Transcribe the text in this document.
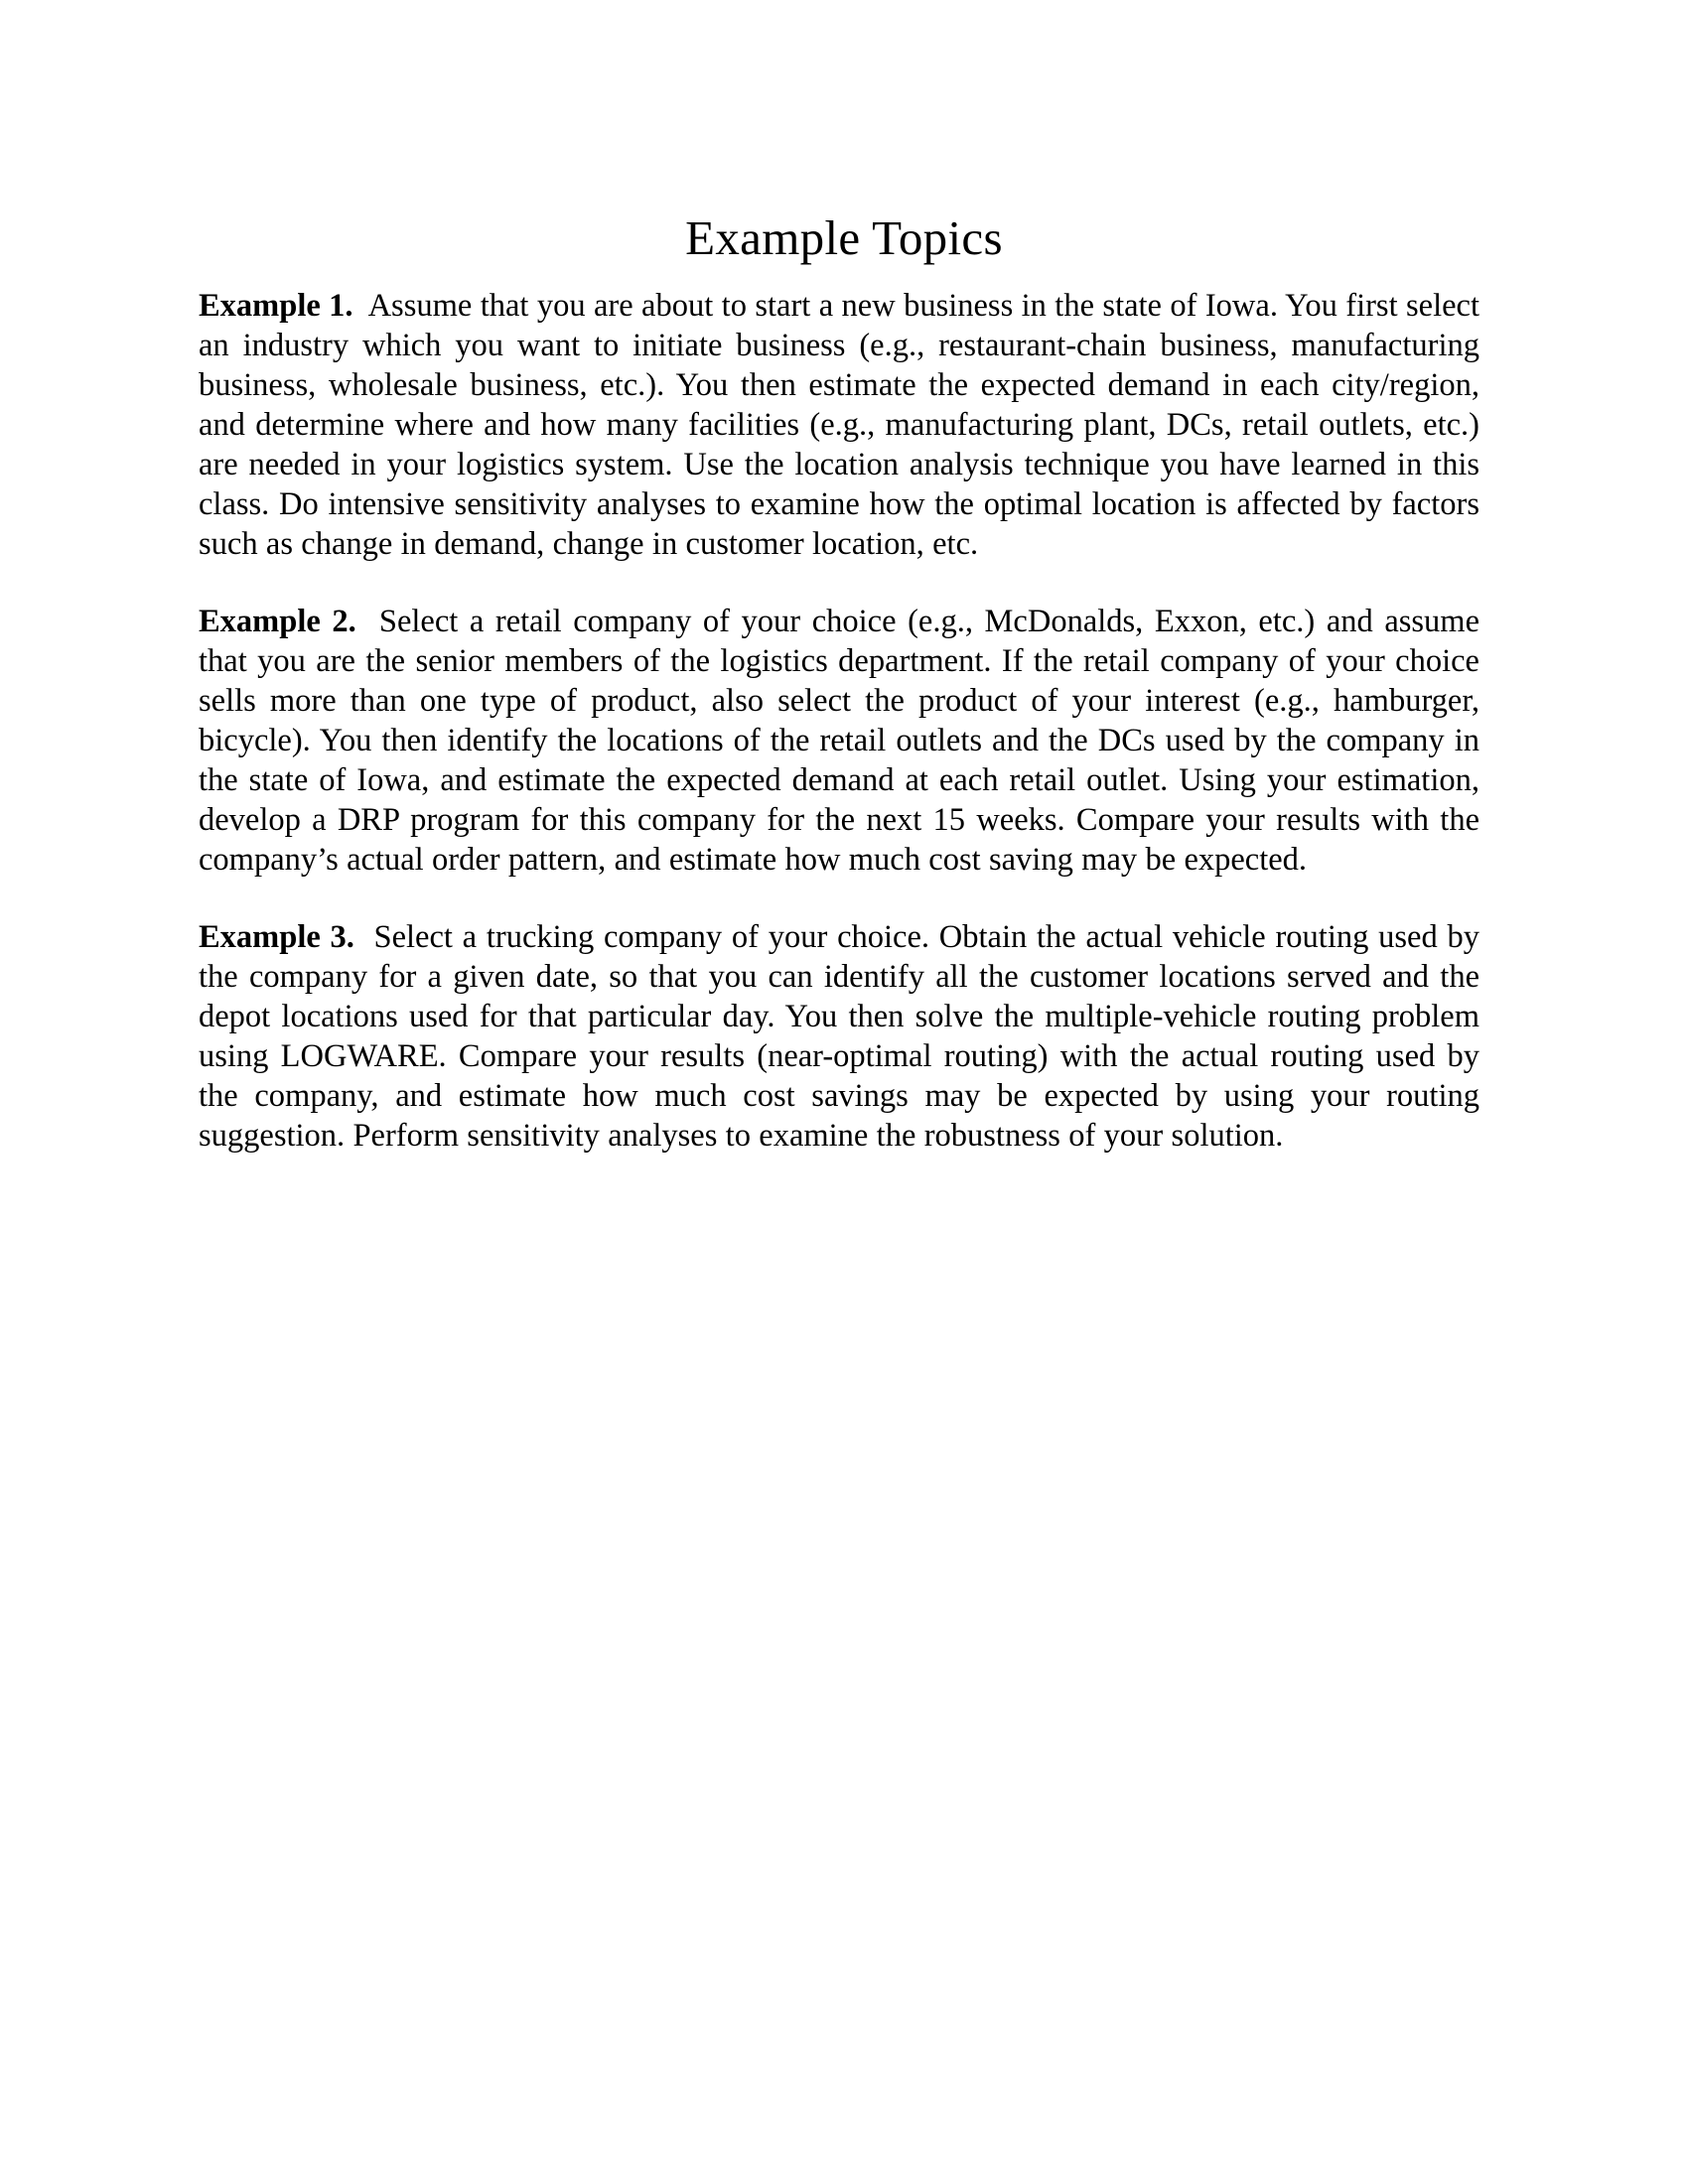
Example Topics

Example 1. Assume that you are about to start a new business in the state of Iowa. You first select an industry which you want to initiate business (e.g., restaurant-chain business, manufacturing business, wholesale business, etc.). You then estimate the expected demand in each city/region, and determine where and how many facilities (e.g., manufacturing plant, DCs, retail outlets, etc.) are needed in your logistics system. Use the location analysis technique you have learned in this class. Do intensive sensitivity analyses to examine how the optimal location is affected by factors such as change in demand, change in customer location, etc.

Example 2. Select a retail company of your choice (e.g., McDonalds, Exxon, etc.) and assume that you are the senior members of the logistics department. If the retail company of your choice sells more than one type of product, also select the product of your interest (e.g., hamburger, bicycle). You then identify the locations of the retail outlets and the DCs used by the company in the state of Iowa, and estimate the expected demand at each retail outlet. Using your estimation, develop a DRP program for this company for the next 15 weeks. Compare your results with the company’s actual order pattern, and estimate how much cost saving may be expected.

Example 3. Select a trucking company of your choice. Obtain the actual vehicle routing used by the company for a given date, so that you can identify all the customer locations served and the depot locations used for that particular day. You then solve the multiple-vehicle routing problem using LOGWARE. Compare your results (near-optimal routing) with the actual routing used by the company, and estimate how much cost savings may be expected by using your routing suggestion. Perform sensitivity analyses to examine the robustness of your solution.
